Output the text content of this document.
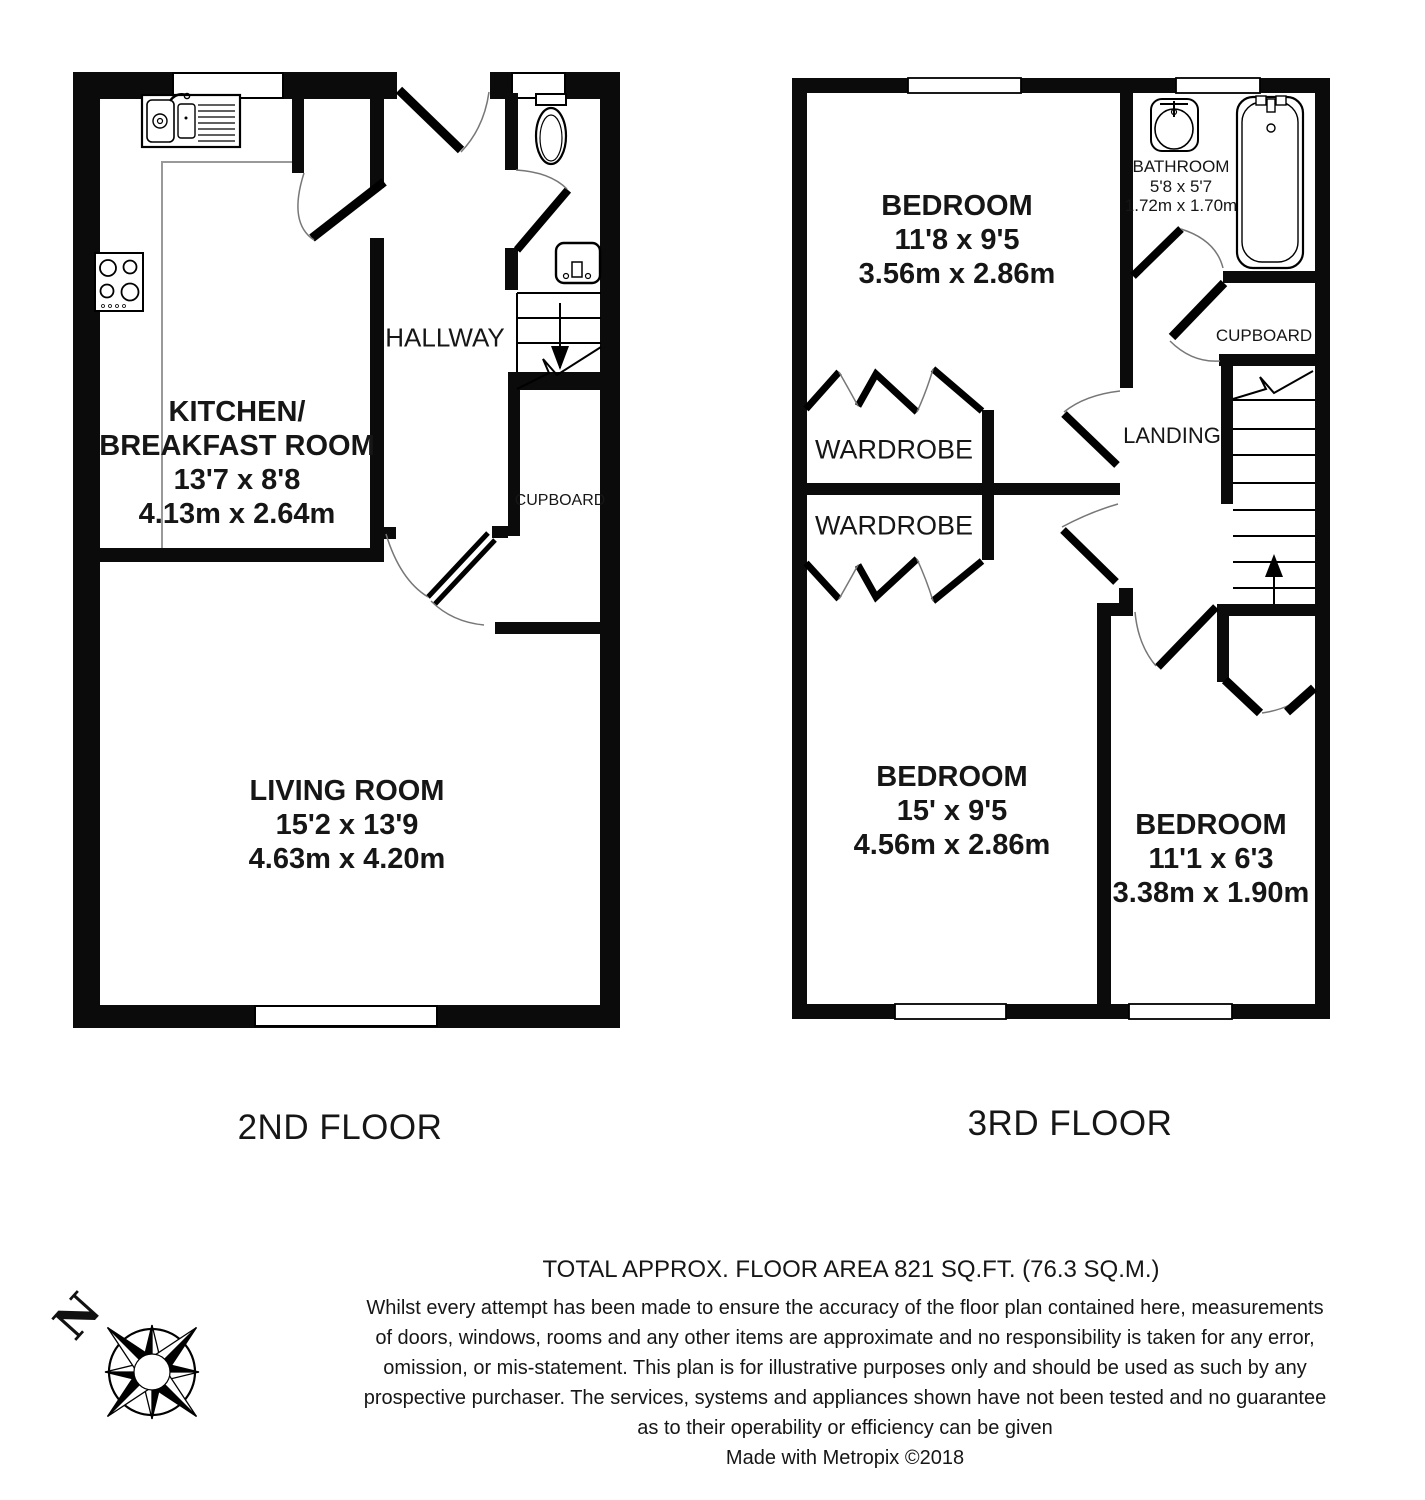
KITCHEN/
BREAKFAST ROOM
13'7 x 8'8
4.13m x 2.64m
HALLWAY
CUPBOARD
LIVING ROOM
15'2 x 13'9
4.63m x 4.20m
BEDROOM
11'8 x 9'5
3.56m x 2.86m
BATHROOM
5'8 x 5'7
1.72m x 1.70m
CUPBOARD
LANDING
WARDROBE
WARDROBE
BEDROOM
15' x 9'5
4.56m x 2.86m
BEDROOM
11'1 x 6'3
3.38m x 1.90m
2ND FLOOR	3RD FLOOR
TOTAL APPROX. FLOOR AREA 821 SQ.FT. (76.3 SQ.M.)
Whilst every attempt has been made to ensure the accuracy of the floor plan contained here, measurements
of doors, windows, rooms and any other items are approximate and no responsibility is taken for any error,
omission, or mis-statement. This plan is for illustrative purposes only and should be used as such by any
prospective purchaser. The services, systems and appliances shown have not been tested and no guarantee
as to their operability or efficiency can be given
Made with Metropix ©2018
N
